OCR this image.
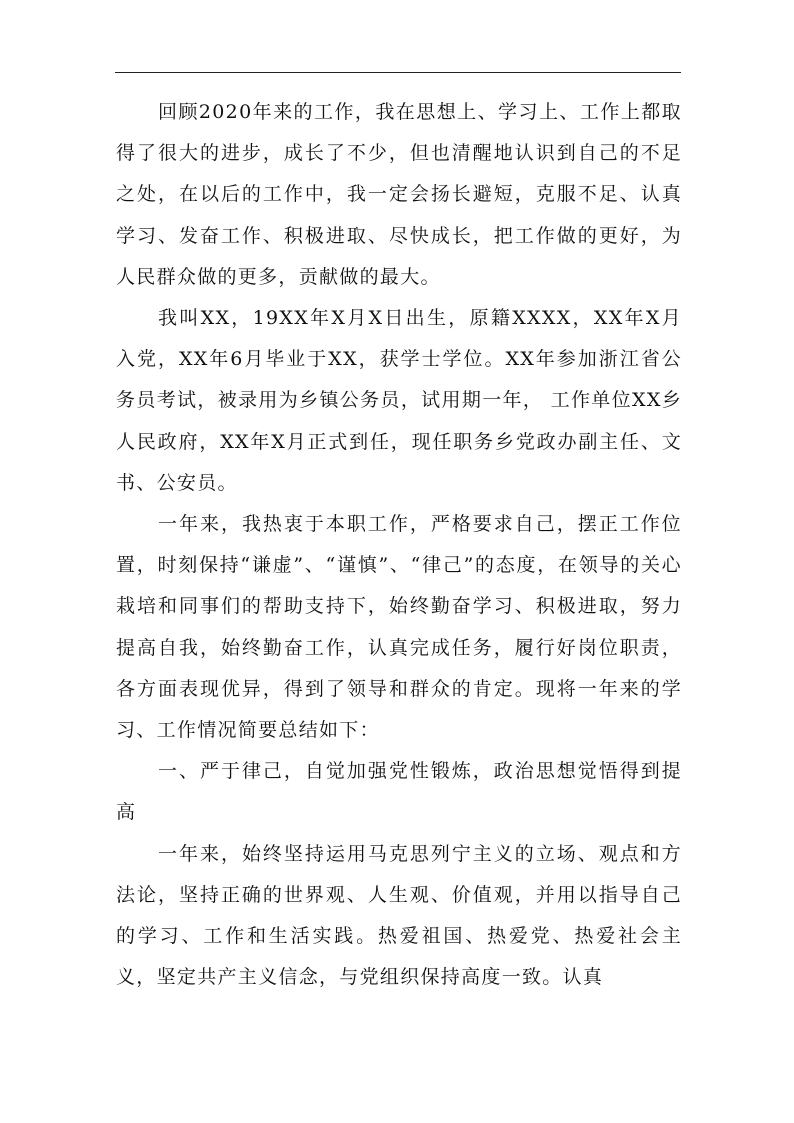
回顾2020年来的工作，我在思想上、学习上、工作上都取得了很大的进步，成长了不少，但也清醒地认识到自己的不足之处，在以后的工作中，我一定会扬长避短，克服不足、认真学习、发奋工作、积极进取、尽快成长，把工作做的更好，为人民群众做的更多，贡献做的最大。

我叫XX，19XX年X月X日出生，原籍XXXX，XX年X月入党，XX年6月毕业于XX，获学士学位。XX年参加浙江省公务员考试，被录用为乡镇公务员，试用期一年， 工作单位XX乡人民政府，XX年X月正式到任，现任职务乡党政办副主任、文书、公安员。

一年来，我热衷于本职工作，严格要求自己，摆正工作位置，时刻保持“谦虚”、“谨慎”、“律己”的态度，在领导的关心栽培和同事们的帮助支持下，始终勤奋学习、积极进取，努力提高自我，始终勤奋工作，认真完成任务，履行好岗位职责，各方面表现优异，得到了领导和群众的肯定。现将一年来的学习、工作情况简要总结如下：

一、严于律己，自觉加强党性锻炼，政治思想觉悟得到提高

一年来，始终坚持运用马克思列宁主义的立场、观点和方法论，坚持正确的世界观、人生观、价值观，并用以指导自己的学习、工作和生活实践。热爱祖国、热爱党、热爱社会主义，坚定共产主义信念，与党组织保持高度一致。认真
